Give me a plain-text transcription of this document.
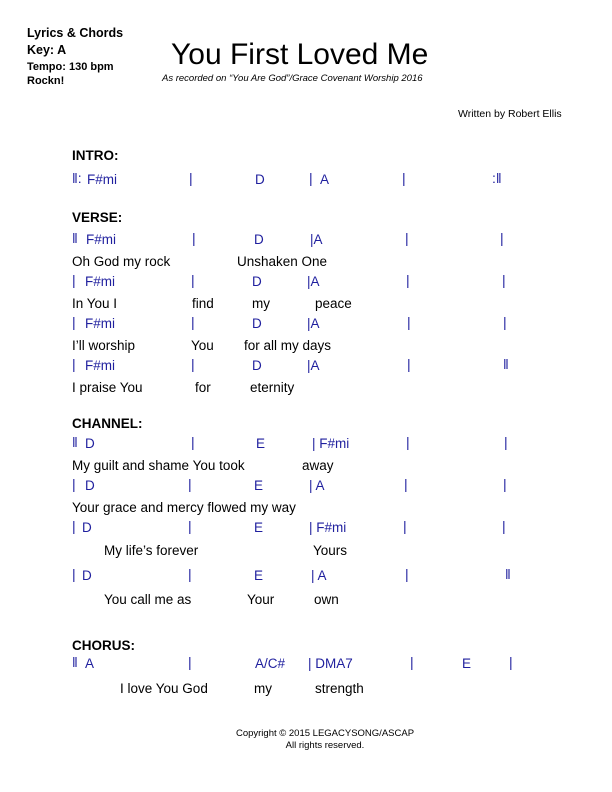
Lyrics & Chords
Key: A
Tempo: 130 bpm
Rockn!
You First Loved Me
As recorded on “You Are God”/Grace Covenant Worship 2016
Written by Robert Ellis
INTRO:
‖: F#mi	|	D	| A	|	:‖
VERSE:
‖ F#mi	|	D	|A	|	|
Oh God my rock	Unshaken One
| F#mi	|	D	|A	|	|
In You I	find	my	peace
| F#mi	|	D	|A	|	|
I’ll worship	You for all my days
| F#mi	|	D	|A	|	‖
I praise You	for	eternity
CHANNEL:
‖ D	|	E	| F#mi	|	|
My guilt and shame You took	away
| D	|	E	| A	|	|
Your grace and mercy flowed my way
| D	|	E	| F#mi	|	|
My life’s forever	Yours
| D	|	E	| A	|	‖
You call me as	Your	own
CHORUS:
‖ A	|	A/C# | DMA7	|	E	|
I love You God	my	strength
Copyright © 2015 LEGACYSONG/ASCAP
All rights reserved.
